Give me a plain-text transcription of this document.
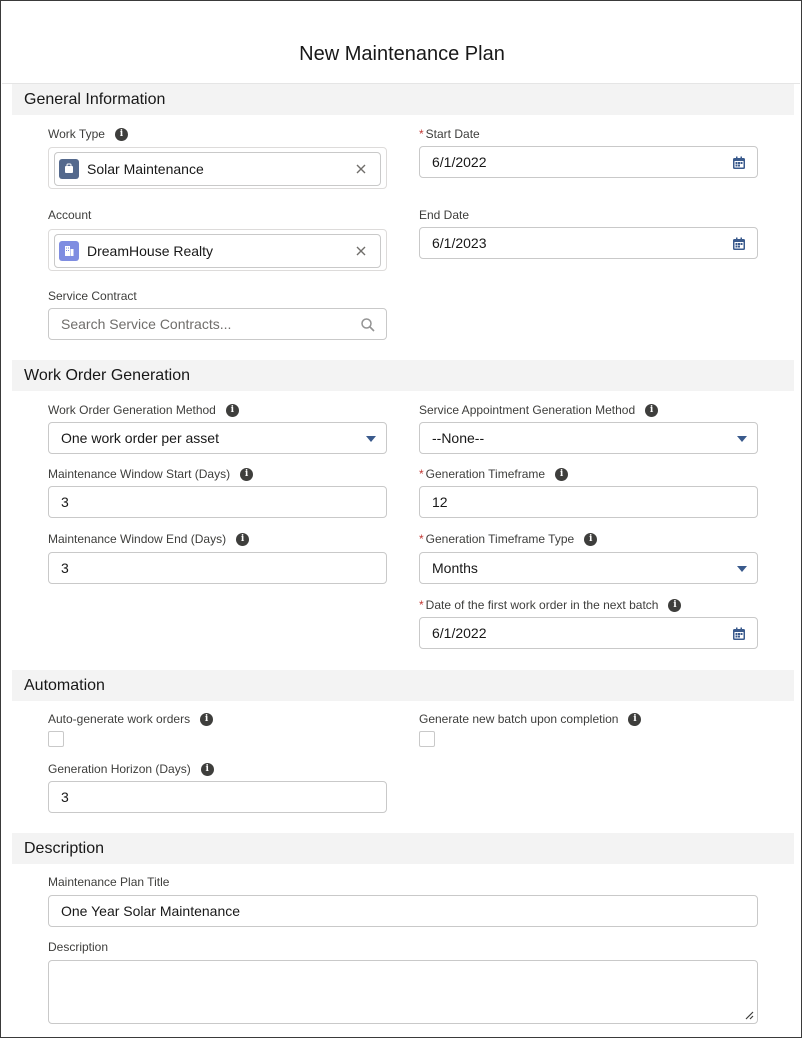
New Maintenance Plan
General Information
Work Type	i
Solar Maintenance
* Start Date
6/1/2022
Account
DreamHouse Realty
End Date
6/1/2023
Service Contract
Search Service Contracts...
Work Order Generation
Work Order Generation Method	i
One work order per asset
Service Appointment Generation Method	i
--None--
Maintenance Window Start (Days)	i
3
* Generation Timeframe	i
12
Maintenance Window End (Days)	i
3
* Generation Timeframe Type	i
Months
* Date of the first work order in the next batch	i
6/1/2022
Automation
Auto-generate work orders	i	Generate new batch upon completion	i
Generation Horizon (Days)	i
3
Description
Maintenance Plan Title
One Year Solar Maintenance
Description
